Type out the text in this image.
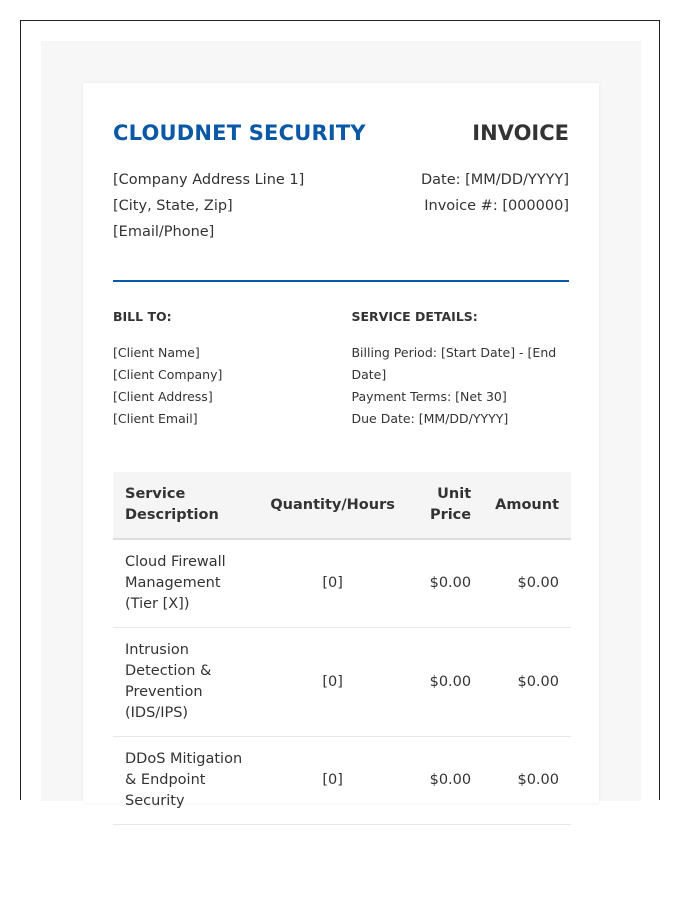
CLOUDNET SECURITY	INVOICE
[Company Address Line 1]
[City, State, Zip]
[Email/Phone]
Date: [MM/DD/YYYY]
Invoice #: [000000]
BILL TO:
[Client Name]
[Client Company]
[Client Address]
[Client Email]
SERVICE DETAILS:
Billing Period: [Start Date] - [End Date]
Payment Terms: [Net 30]
Due Date: [MM/DD/YYYY]
Service Description	Quantity/Hours	Unit Price	Amount
Cloud Firewall Management (Tier [X])	[0]	$0.00	$0.00
Intrusion Detection & Prevention (IDS/IPS)	[0]	$0.00	$0.00
DDoS Mitigation & Endpoint Security	[0]	$0.00	$0.00
